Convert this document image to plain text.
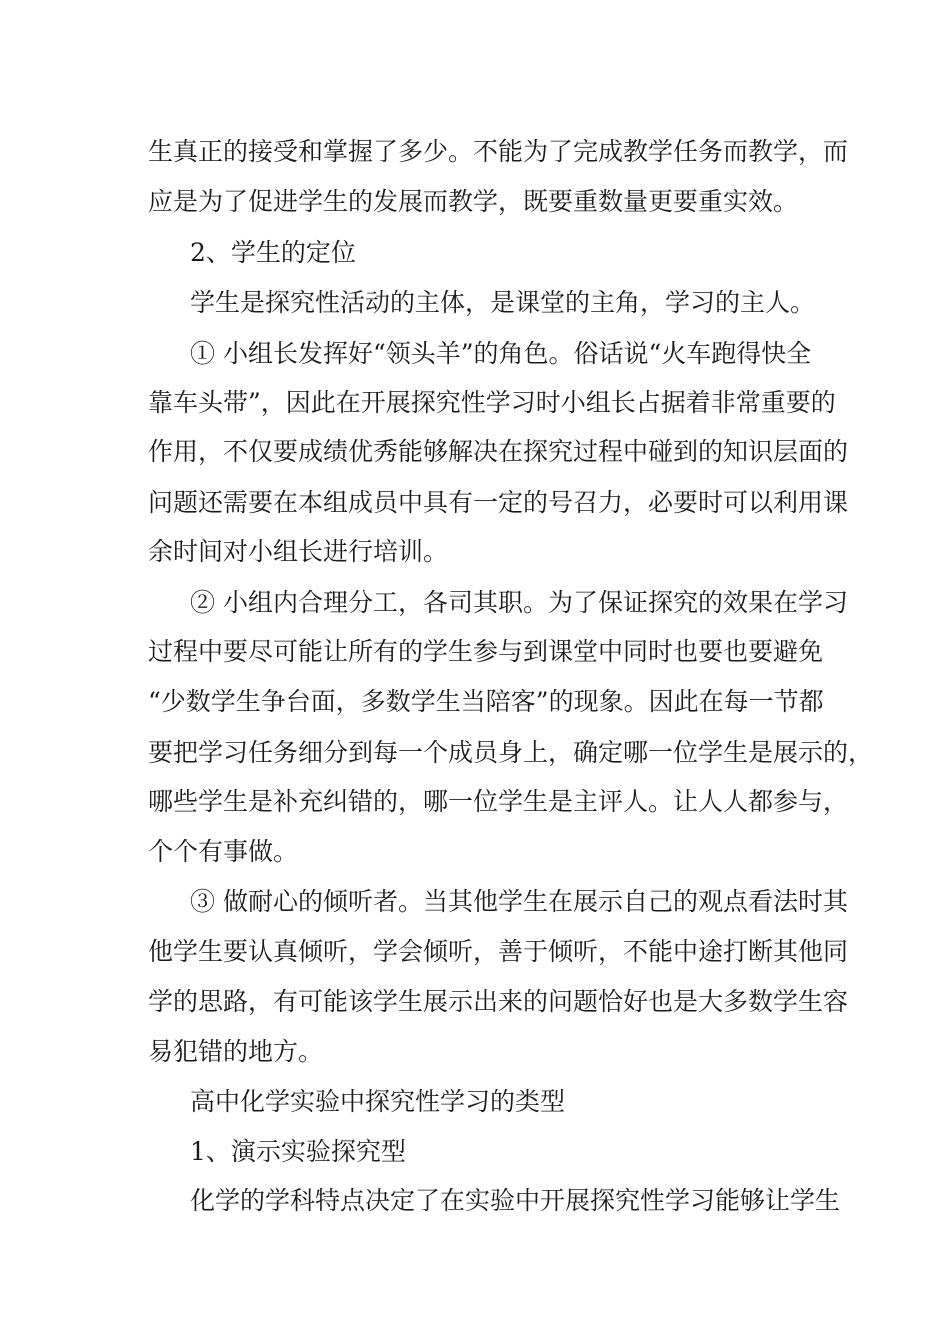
生真正的接受和掌握了多少。不能为了完成教学任务而教学，而
应是为了促进学生的发展而教学，既要重数量更要重实效。
2、学生的定位
学生是探究性活动的主体，是课堂的主角，学习的主人。
① 小组长发挥好“领头羊”的角色。俗话说“火车跑得快全
靠车头带”，因此在开展探究性学习时小组长占据着非常重要的
作用，不仅要成绩优秀能够解决在探究过程中碰到的知识层面的
问题还需要在本组成员中具有一定的号召力，必要时可以利用课
余时间对小组长进行培训。
② 小组内合理分工，各司其职。为了保证探究的效果在学习
过程中要尽可能让所有的学生参与到课堂中同时也要也要避免
“少数学生争台面，多数学生当陪客”的现象。因此在每一节都
要把学习任务细分到每一个成员身上，确定哪一位学生是展示的，
哪些学生是补充纠错的，哪一位学生是主评人。让人人都参与，
个个有事做。
③ 做耐心的倾听者。当其他学生在展示自己的观点看法时其
他学生要认真倾听，学会倾听，善于倾听，不能中途打断其他同
学的思路，有可能该学生展示出来的问题恰好也是大多数学生容
易犯错的地方。
高中化学实验中探究性学习的类型
1、演示实验探究型
化学的学科特点决定了在实验中开展探究性学习能够让学生
